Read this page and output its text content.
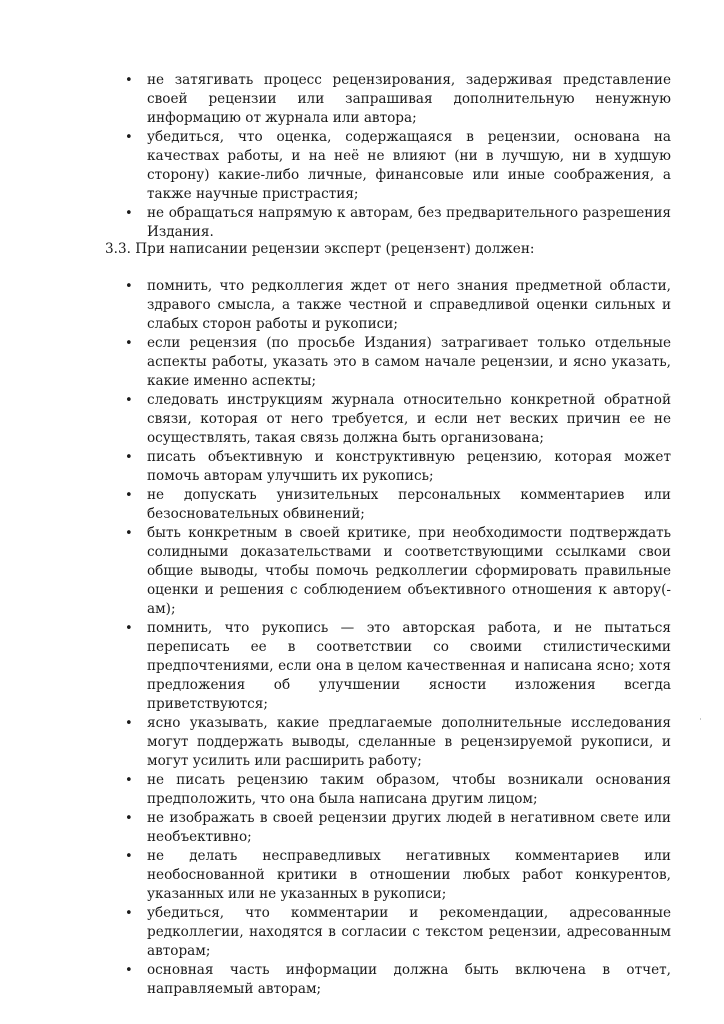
• не затягивать процесс рецензирования, задерживая представление своей рецензии или запрашивая дополнительную ненужную информацию от журнала или автора;
• убедиться, что оценка, содержащаяся в рецензии, основана на качествах работы, и на неё не влияют (ни в лучшую, ни в худшую сторону) какие-либо личные, финансовые или иные соображения, а также научные пристрастия;
• не обращаться напрямую к авторам, без предварительного разрешения Издания.
3.3. При написании рецензии эксперт (рецензент) должен:
• помнить, что редколлегия ждет от него знания предметной области, здравого смысла, а также честной и справедливой оценки сильных и слабых сторон работы и рукописи;
• если рецензия (по просьбе Издания) затрагивает только отдельные аспекты работы, указать это в самом начале рецензии, и ясно указать, какие именно аспекты;
• следовать инструкциям журнала относительно конкретной обратной связи, которая от него требуется, и если нет веских причин ее не осуществлять, такая связь должна быть организована;
• писать объективную и конструктивную рецензию, которая может помочь авторам улучшить их рукопись;
• не допускать унизительных персональных комментариев или безосновательных обвинений;
• быть конкретным в своей критике, при необходимости подтверждать солидными доказательствами и соответствующими ссылками свои общие выводы, чтобы помочь редколлегии сформировать правильные оценки и решения с соблюдением объективного отношения к автору(-ам);
• помнить, что рукопись — это авторская работа, и не пытаться переписать ее в соответствии со своими стилистическими предпочтениями, если она в целом качественная и написана ясно; хотя предложения об улучшении ясности изложения всегда приветствуются;
• ясно указывать, какие предлагаемые дополнительные исследования могут поддержать выводы, сделанные в рецензируемой рукописи, и могут усилить или расширить работу;
• не писать рецензию таким образом, чтобы возникали основания предположить, что она была написана другим лицом;
• не изображать в своей рецензии других людей в негативном свете или необъективно;
• не делать несправедливых негативных комментариев или необоснованной критики в отношении любых работ конкурентов, указанных или не указанных в рукописи;
• убедиться, что комментарии и рекомендации, адресованные редколлегии, находятся в согласии с текстом рецензии, адресованным авторам;
• основная часть информации должна быть включена в отчет, направляемый авторам;
